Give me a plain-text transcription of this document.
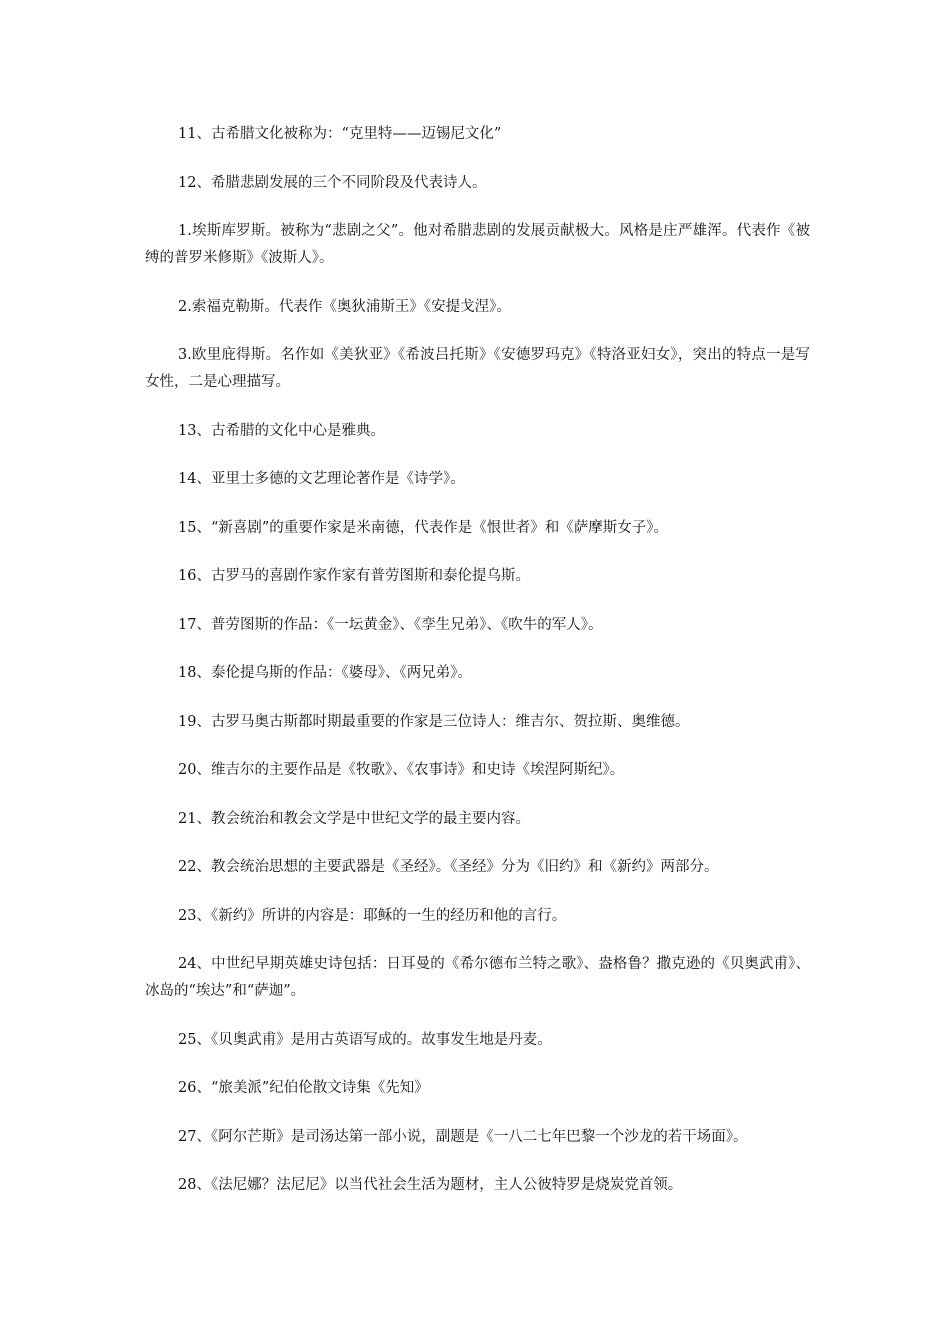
11、古希腊文化被称为：“克里特——迈锡尼文化”

12、希腊悲剧发展的三个不同阶段及代表诗人。

1.埃斯库罗斯。被称为“悲剧之父”。他对希腊悲剧的发展贡献极大。风格是庄严雄浑。代表作《被缚的普罗米修斯》《波斯人》。

2.索福克勒斯。代表作《奥狄浦斯王》《安提戈涅》。

3.欧里庇得斯。名作如《美狄亚》《希波吕托斯》《安德罗玛克》《特洛亚妇女》，突出的特点一是写女性，二是心理描写。

13、古希腊的文化中心是雅典。

14、亚里士多德的文艺理论著作是《诗学》。

15、“新喜剧”的重要作家是米南德，代表作是《恨世者》和《萨摩斯女子》。

16、古罗马的喜剧作家作家有普劳图斯和泰伦提乌斯。

17、普劳图斯的作品：《一坛黄金》、《孪生兄弟》、《吹牛的军人》。

18、泰伦提乌斯的作品：《婆母》、《两兄弟》。

19、古罗马奥古斯都时期最重要的作家是三位诗人：维吉尔、贺拉斯、奥维德。

20、维吉尔的主要作品是《牧歌》、《农事诗》和史诗《埃涅阿斯纪》。

21、教会统治和教会文学是中世纪文学的最主要内容。

22、教会统治思想的主要武器是《圣经》。《圣经》分为《旧约》和《新约》两部分。

23、《新约》所讲的内容是：耶稣的一生的经历和他的言行。

24、中世纪早期英雄史诗包括：日耳曼的《希尔德布兰特之歌》、盎格鲁？撒克逊的《贝奥武甫》、冰岛的“埃达”和“萨迦”。

25、《贝奥武甫》是用古英语写成的。故事发生地是丹麦。

26、“旅美派”纪伯伦散文诗集《先知》

27、《阿尔芒斯》是司汤达第一部小说，副题是《一八二七年巴黎一个沙龙的若干场面》。

28、《法尼娜？法尼尼》以当代社会生活为题材，主人公彼特罗是烧炭党首领。
